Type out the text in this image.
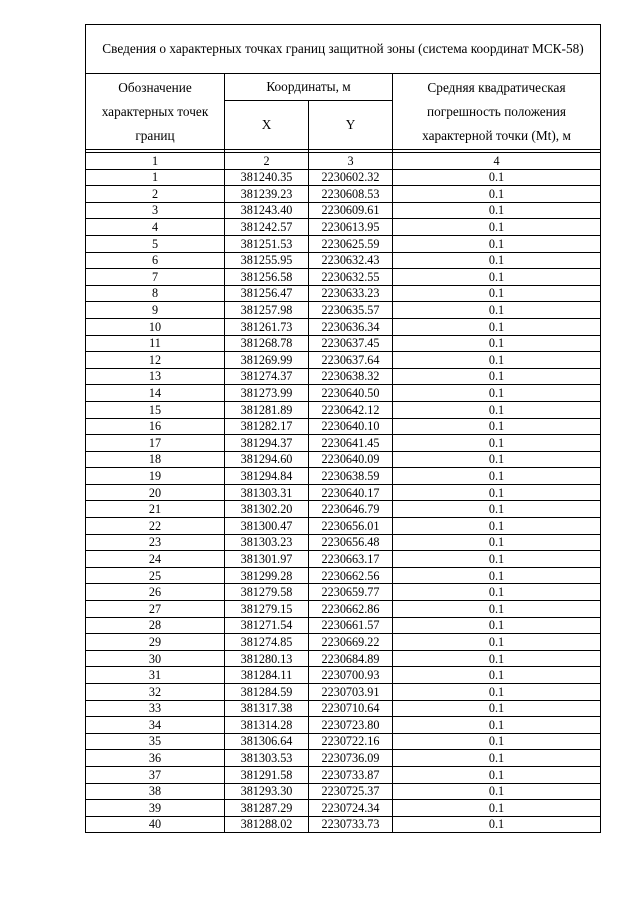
Сведения о характерных точках границ защитной зоны (система координат МСК-58)			
Обозначение характерных точек границ	Координаты, м		Средняя квадратическая погрешность положения характерной точки (Mt), м
	X	Y	

1	2	3	4
1	381240.35	2230602.32	0.1
2	381239.23	2230608.53	0.1
3	381243.40	2230609.61	0.1
4	381242.57	2230613.95	0.1
5	381251.53	2230625.59	0.1
6	381255.95	2230632.43	0.1
7	381256.58	2230632.55	0.1
8	381256.47	2230633.23	0.1
9	381257.98	2230635.57	0.1
10	381261.73	2230636.34	0.1
11	381268.78	2230637.45	0.1
12	381269.99	2230637.64	0.1
13	381274.37	2230638.32	0.1
14	381273.99	2230640.50	0.1
15	381281.89	2230642.12	0.1
16	381282.17	2230640.10	0.1
17	381294.37	2230641.45	0.1
18	381294.60	2230640.09	0.1
19	381294.84	2230638.59	0.1
20	381303.31	2230640.17	0.1
21	381302.20	2230646.79	0.1
22	381300.47	2230656.01	0.1
23	381303.23	2230656.48	0.1
24	381301.97	2230663.17	0.1
25	381299.28	2230662.56	0.1
26	381279.58	2230659.77	0.1
27	381279.15	2230662.86	0.1
28	381271.54	2230661.57	0.1
29	381274.85	2230669.22	0.1
30	381280.13	2230684.89	0.1
31	381284.11	2230700.93	0.1
32	381284.59	2230703.91	0.1
33	381317.38	2230710.64	0.1
34	381314.28	2230723.80	0.1
35	381306.64	2230722.16	0.1
36	381303.53	2230736.09	0.1
37	381291.58	2230733.87	0.1
38	381293.30	2230725.37	0.1
39	381287.29	2230724.34	0.1
40	381288.02	2230733.73	0.1
